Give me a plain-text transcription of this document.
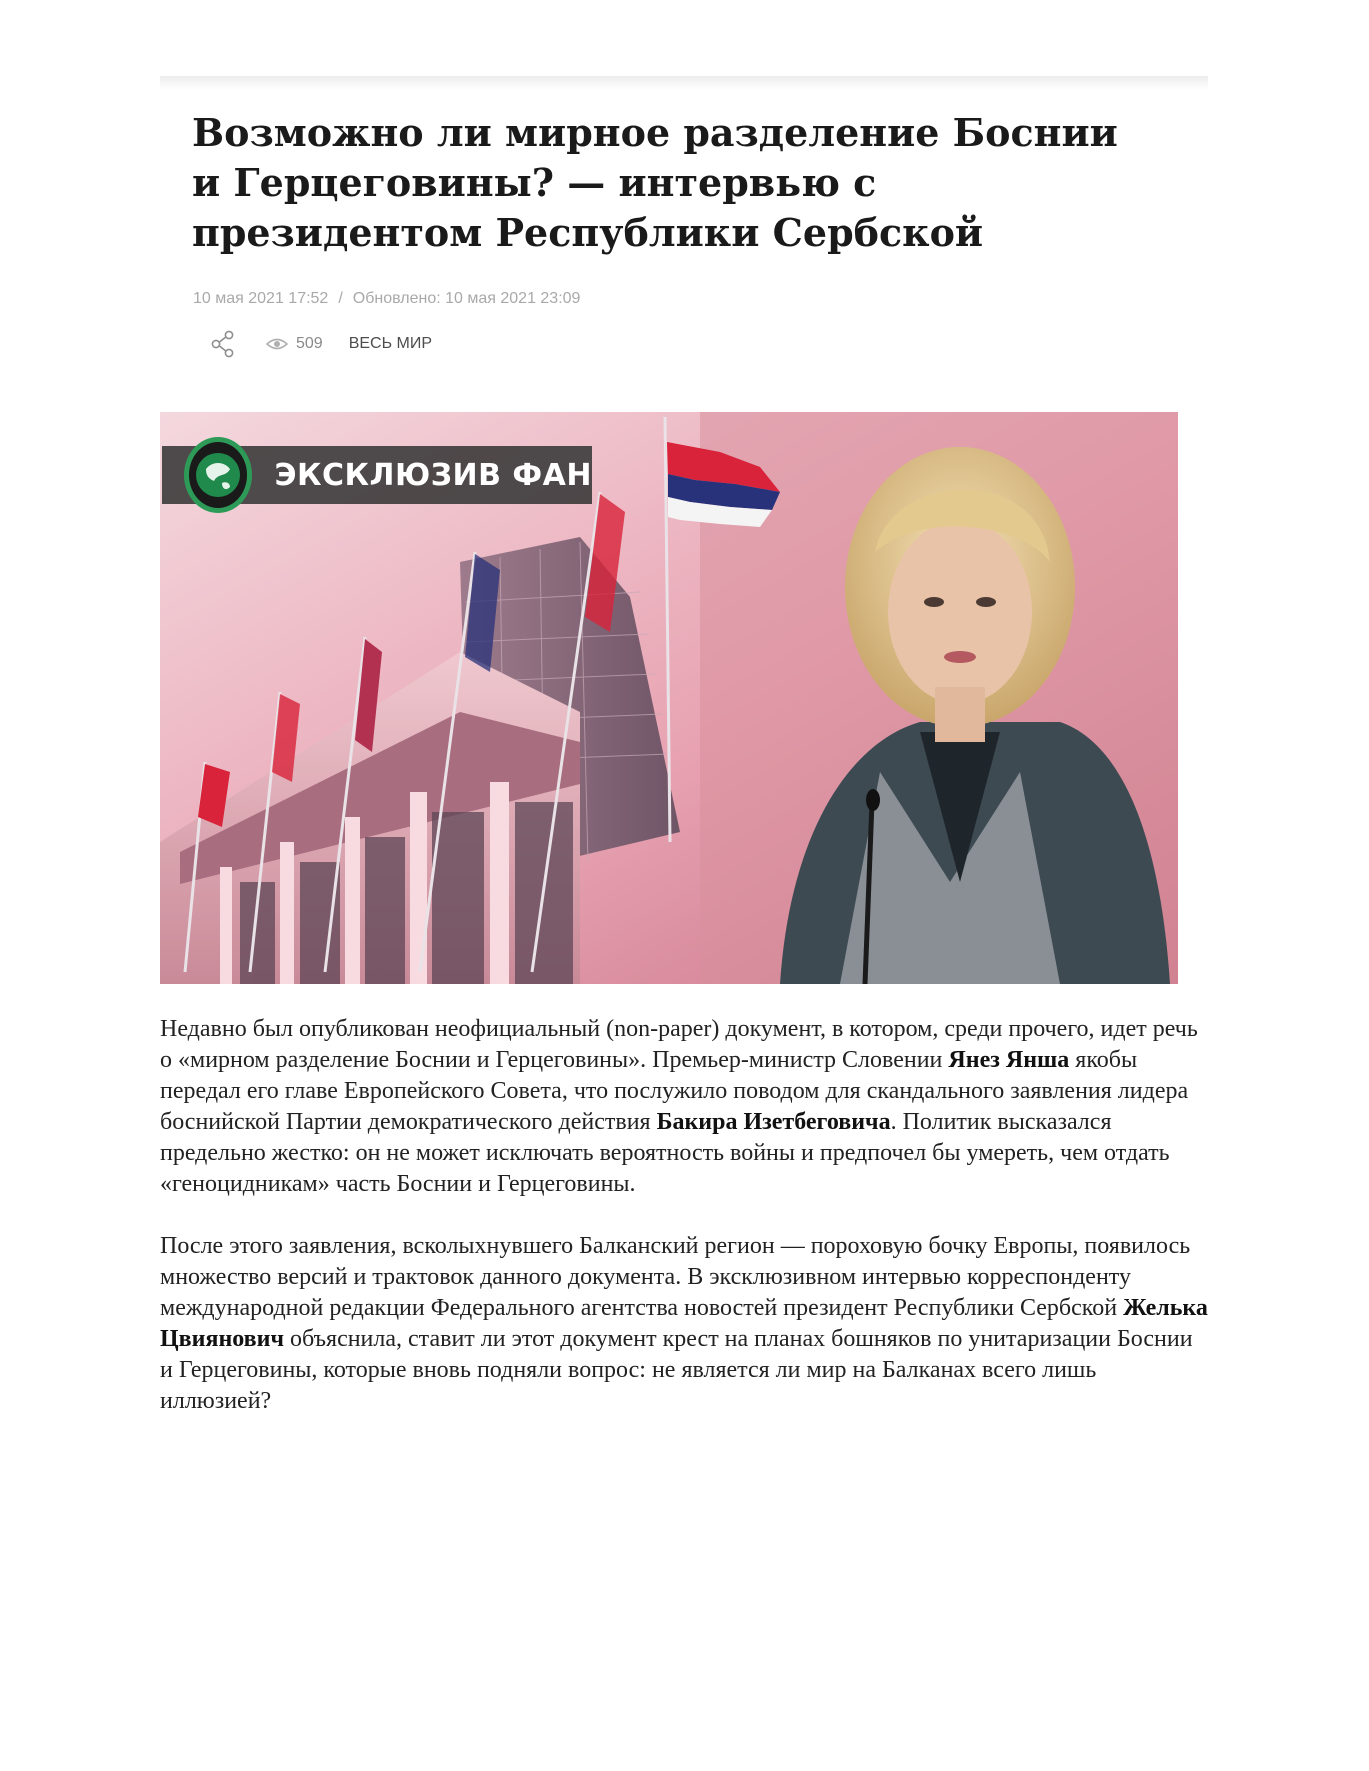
Возможно ли мирное разделение Боснии и Герцеговины? — интервью с президентом Республики Сербской
10 мая 2021 17:52 / Обновлено: 10 мая 2021 23:09
509 ВЕСЬ МИР
ЭКСКЛЮЗИВ ФАН

Недавно был опубликован неофициальный (non-paper) документ, в котором, среди прочего, идет речь о «мирном разделение Боснии и Герцеговины». Премьер-министр Словении Янез Янша якобы передал его главе Европейского Совета, что послужило поводом для скандального заявления лидера боснийской Партии демократического действия Бакира Изетбеговича. Политик высказался предельно жестко: он не может исключать вероятность войны и предпочел бы умереть, чем отдать «геноцидникам» часть Боснии и Герцеговины.

После этого заявления, всколыхнувшего Балканский регион — пороховую бочку Европы, появилось множество версий и трактовок данного документа. В эксклюзивном интервью корреспонденту международной редакции Федерального агентства новостей президент Республики Сербской Желька Цвиянович объяснила, ставит ли этот документ крест на планах бошняков по унитаризации Боснии и Герцеговины, которые вновь подняли вопрос: не является ли мир на Балканах всего лишь иллюзией?
